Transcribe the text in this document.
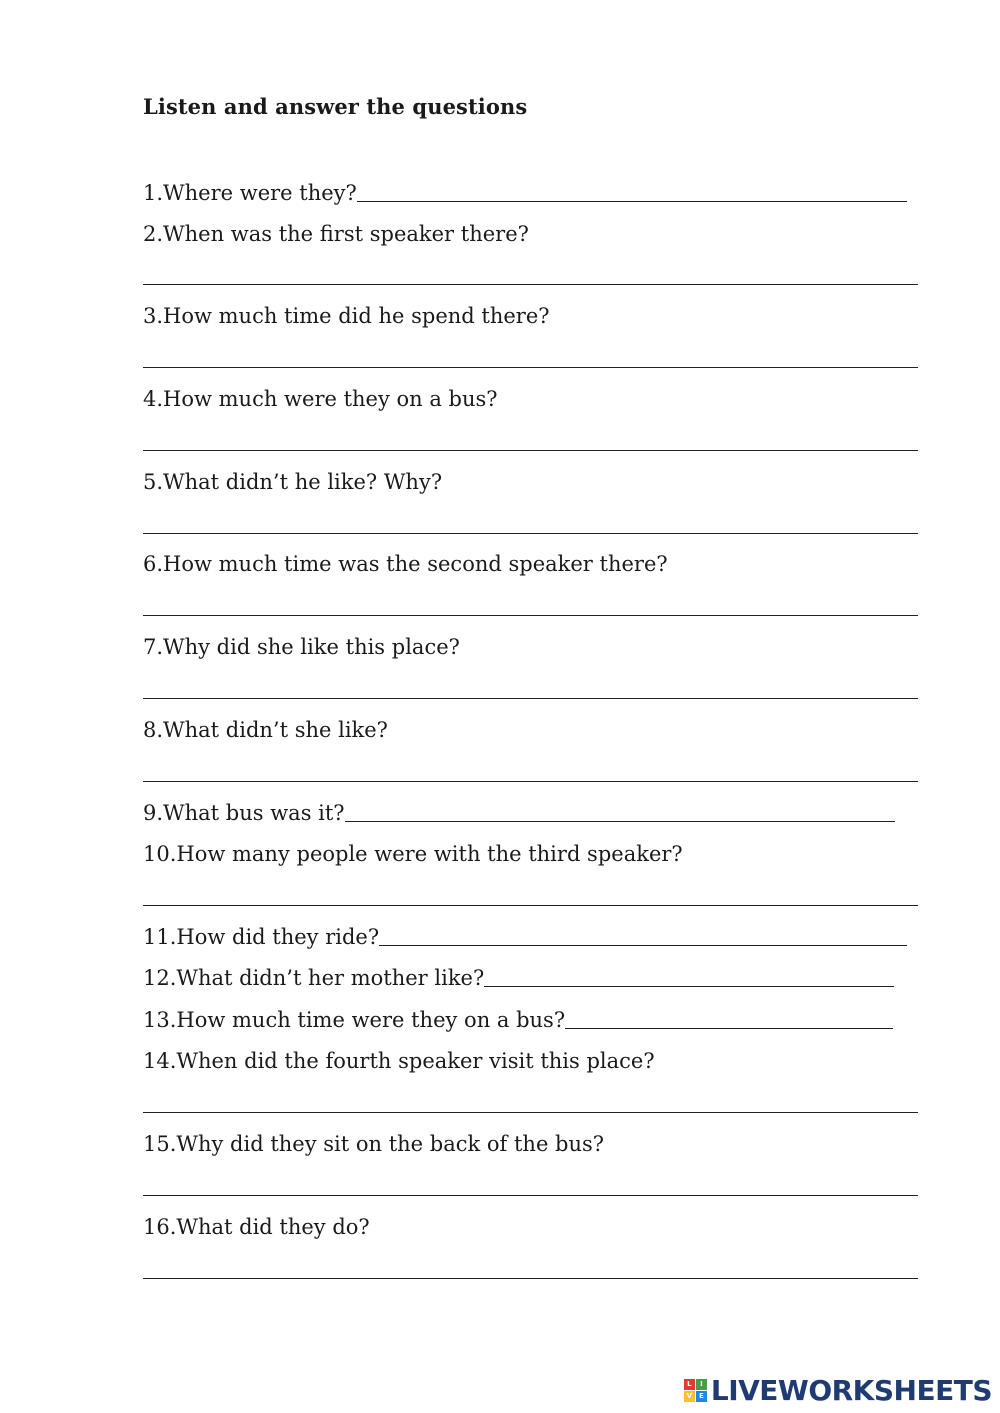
Listen and answer the questions
1.Where were they?
2.When was the first speaker there?
3.How much time did he spend there?
4.How much were they on a bus?
5.What didn’t he like? Why?
6.How much time was the second speaker there?
7.Why did she like this place?
8.What didn’t she like?
9.What bus was it?
10.How many people were with the third speaker?
11.How did they ride?
12.What didn’t her mother like?
13.How much time were they on a bus?
14.When did the fourth speaker visit this place?
15.Why did they sit on the back of the bus?
16.What did they do?
L	I
V E LIVEWORKSHEETS
